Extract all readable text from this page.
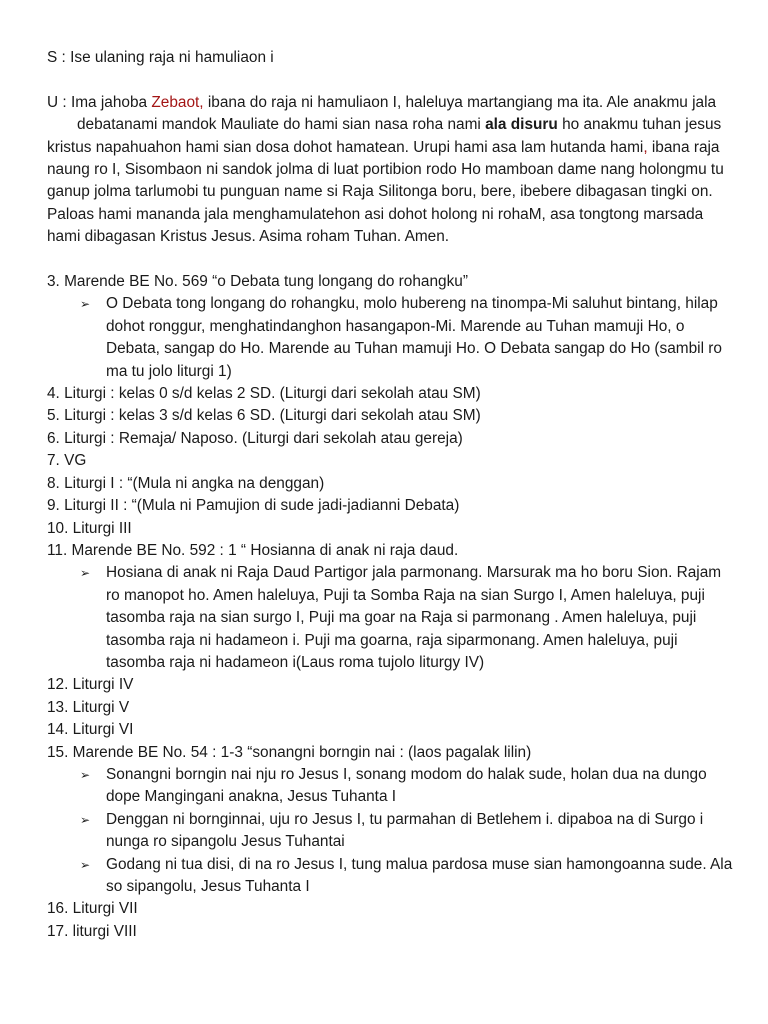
S : Ise ulaning raja ni hamuliaon i

U : Ima jahoba Zebaot, ibana do raja ni hamuliaon I, haleluya martangiang ma ita. Ale anakmu jaladebatanami mandok Mauliate do hami sian nasa roha nami ala disuru ho anakmu tuhan jesus kristus napahuahon hami sian dosa dohot hamatean. Urupi hami asa lam hutanda hami, ibana raja naung ro I, Sisombaon ni sandok jolma di luat portibion rodo Ho mamboan dame nang holongmu tu ganup jolma tarlumobi tu punguan name si Raja Silitonga boru, bere, ibebere dibagasan tingki on. Paloas hami mananda jala menghamulatehon asi dohot holong ni rohaM, asa tongtong marsada hami dibagasan Kristus Jesus. Asima roham Tuhan. Amen.

3. Marende BE No. 569 “o Debata tung longang do rohangku”

➢ O Debata tong longang do rohangku, molo hubereng na tinompa-Mi saluhut bintang, hilap dohot ronggur, menghatindanghon hasangapon-Mi. Marende au Tuhan mamuji Ho, o Debata, sangap do Ho. Marende au Tuhan mamuji Ho. O Debata sangap do Ho (sambil ro ma tu jolo liturgi 1)

4. Liturgi : kelas 0 s/d kelas 2 SD. (Liturgi dari sekolah atau SM)

5. Liturgi : kelas 3 s/d kelas 6 SD. (Liturgi dari sekolah atau SM)

6. Liturgi : Remaja/ Naposo. (Liturgi dari sekolah atau gereja)

7. VG

8. Liturgi I : “(Mula ni angka na denggan)

9. Liturgi II : “(Mula ni Pamujion di sude jadi-jadianni Debata)

10. Liturgi III

11. Marende BE No. 592 : 1 “ Hosianna di anak ni raja daud.

➢ Hosiana di anak ni Raja Daud Partigor jala parmonang. Marsurak ma ho boru Sion. Rajam ro manopot ho. Amen haleluya, Puji ta Somba Raja na sian Surgo I, Amen haleluya, puji tasomba raja na sian surgo I, Puji ma goar na Raja si parmonang . Amen haleluya, puji tasomba raja ni hadameon i. Puji ma goarna, raja siparmonang. Amen haleluya, puji tasomba raja ni hadameon i(Laus roma tujolo liturgy IV)

12. Liturgi IV

13. Liturgi V

14. Liturgi VI

15. Marende BE No. 54 : 1-3 “sonangni borngin nai : (laos pagalak lilin)

➢ Sonangni borngin nai nju ro Jesus I, sonang modom do halak sude, holan dua na dungo dope Mangingani anakna, Jesus Tuhanta I

➢ Denggan ni bornginnai, uju ro Jesus I, tu parmahan di Betlehem i. dipaboa na di Surgo i nunga ro sipangolu Jesus Tuhantai

➢ Godang ni tua disi, di na ro Jesus I, tung malua pardosa muse sian hamongoanna sude. Ala so sipangolu, Jesus Tuhanta I

16. Liturgi VII

17. liturgi VIII
